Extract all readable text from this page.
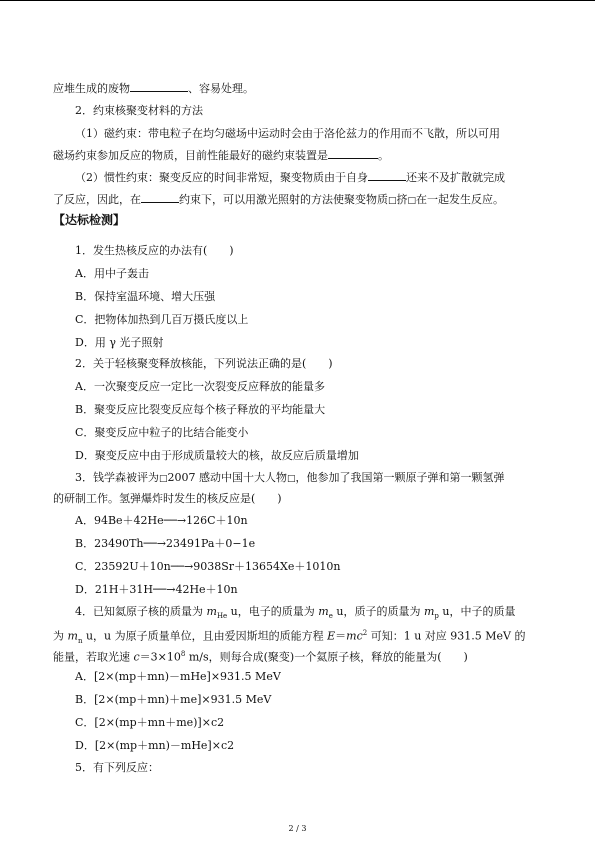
应堆生成的废物	、容易处理。
2．约束核聚变材料的方法
（1）磁约束：带电粒子在均匀磁场中运动时会由于洛伦兹力的作用而不飞散，所以可用
磁场约束参加反应的物质，目前性能最好的磁约束装置是	。
（2）惯性约束：聚变反应的时间非常短，聚变物质由于自身	还来不及扩散就完成
了反应，因此，在	约束下，可以用激光照射的方法使聚变物质□挤□在一起发生反应。
【达标检测】
1．发生热核反应的办法有(　　)
A．用中子轰击
B．保持室温环境、增大压强
C．把物体加热到几百万摄氏度以上
D．用 γ 光子照射
2．关于轻核聚变释放核能，下列说法正确的是(　　)
A．一次聚变反应一定比一次裂变反应释放的能量多
B．聚变反应比裂变反应每个核子释放的平均能量大
C．聚变反应中粒子的比结合能变小
D．聚变反应中由于形成质量较大的核，故反应后质量增加
3．钱学森被评为□2007 感动中国十大人物□，他参加了我国第一颗原子弹和第一颗氢弹
的研制工作。氢弹爆炸时发生的核反应是(　　)
A．94Be＋42He──→126C＋10n
B．23490Th──→23491Pa＋0−1e
C．23592U＋10n──→9038Sr＋13654Xe＋1010n
D．21H＋31H──→42He＋10n
4．已知氦原子核的质量为 $m_{He}$ u，电子的质量为 $m_e$ u，质子的质量为 $m_p$ u，中子的质量
为 $m_n$ u，u 为原子质量单位，且由爱因斯坦的质能方程 $E=mc^2$ 可知：1 u 对应 931.5 MeV 的
能量，若取光速 $c=3\times 10^8$ m/s，则每合成(聚变)一个氦原子核，释放的能量为(　　)
A．[2×(mp＋mn)－mHe]×931.5 MeV
B．[2×(mp＋mn)＋me]×931.5 MeV
C．[2×(mp＋mn＋me)]×c2
D．[2×(mp＋mn)－mHe]×c2
5．有下列反应：
2 / 3
